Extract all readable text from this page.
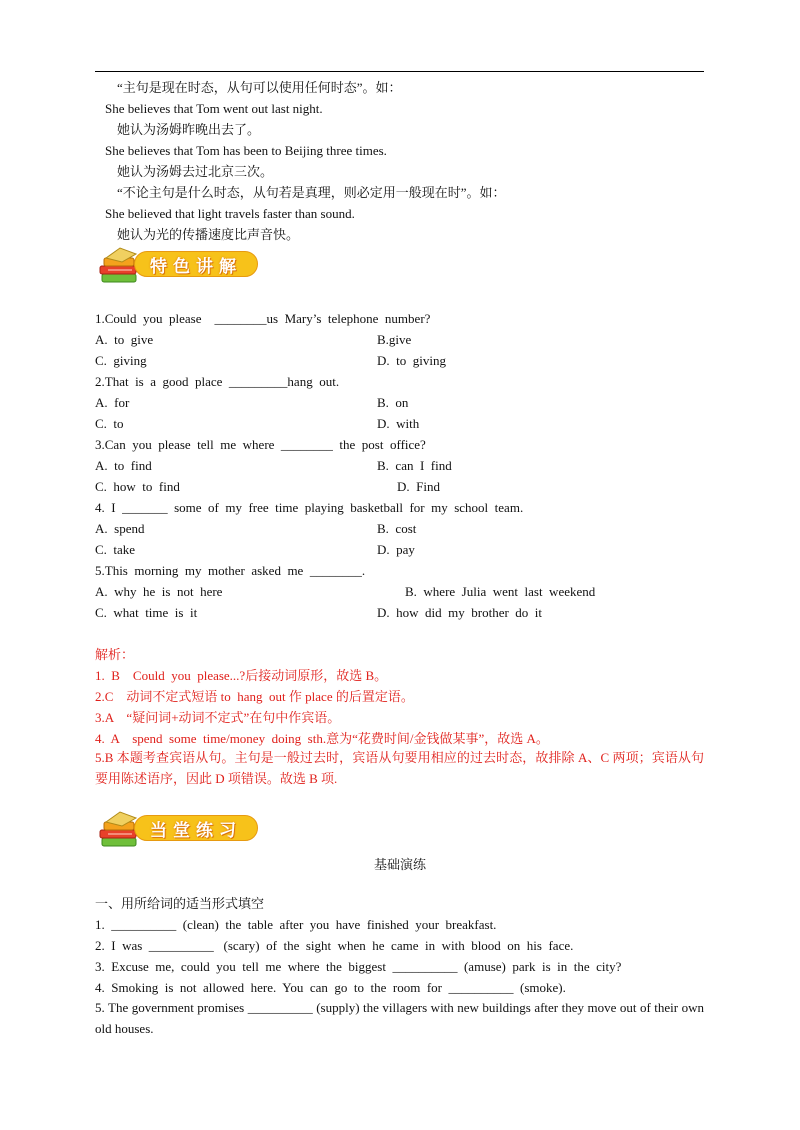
“主句是现在时态，从句可以使用任何时态”。如：
She believes that Tom went out last night.
她认为汤姆昨晚出去了。
She believes that Tom has been to Beijing three times.
她认为汤姆去过北京三次。
“不论主句是什么时态，从句若是真理，则必定用一般现在时”。如：
She believed that light travels faster than sound.
她认为光的传播速度比声音快。
特色讲解
1.Could  you  please    ________us  Mary’s  telephone  number?
A.  to  give	B.give
C.  giving	D.  to  giving
2.That  is  a  good  place  _________hang  out.
A.  for	B.  on
C.  to	D.  with
3.Can  you  please  tell  me  where  ________  the  post  office?
A.  to  find	B.  can  I  find
C.  how  to  find	D.  Find
4.  I  _______  some  of  my  free  time  playing  basketball  for  my  school  team.
A.  spend	B.  cost
C.  take	D.  pay
5.This  morning  my  mother  asked  me  ________.
A.  why  he  is  not  here	B.  where  Julia  went  last  weekend
C.  what  time  is  it	D.  how  did  my  brother  do  it
解析：
1.  B    Could  you  please...?后接动词原形，故选 B。
2.C    动词不定式短语 to  hang  out 作 place 的后置定语。
3.A    “疑问词+动词不定式”在句中作宾语。
4.  A    spend  some  time/money  doing  sth.意为“花费时间/金钱做某事”，故选 A。
5.B 本题考查宾语从句。主句是一般过去时，宾语从句要用相应的过去时态，故排除 A、C 两项；宾语从句要用陈述语序，因此 D 项错误。故选 B 项.
当堂练习
基础演练
一、用所给词的适当形式填空
1.  __________  (clean)  the  table  after  you  have  finished  your  breakfast.
2.  I  was  __________   (scary)  of  the  sight  when  he  came  in  with  blood  on  his  face.
3.  Excuse  me,  could  you  tell  me  where  the  biggest  __________  (amuse)  park  is  in  the  city?
4.  Smoking  is  not  allowed  here.  You  can  go  to  the  room  for  __________  (smoke).
5. The government promises __________ (supply) the villagers with new buildings after they move out of their own old houses.
